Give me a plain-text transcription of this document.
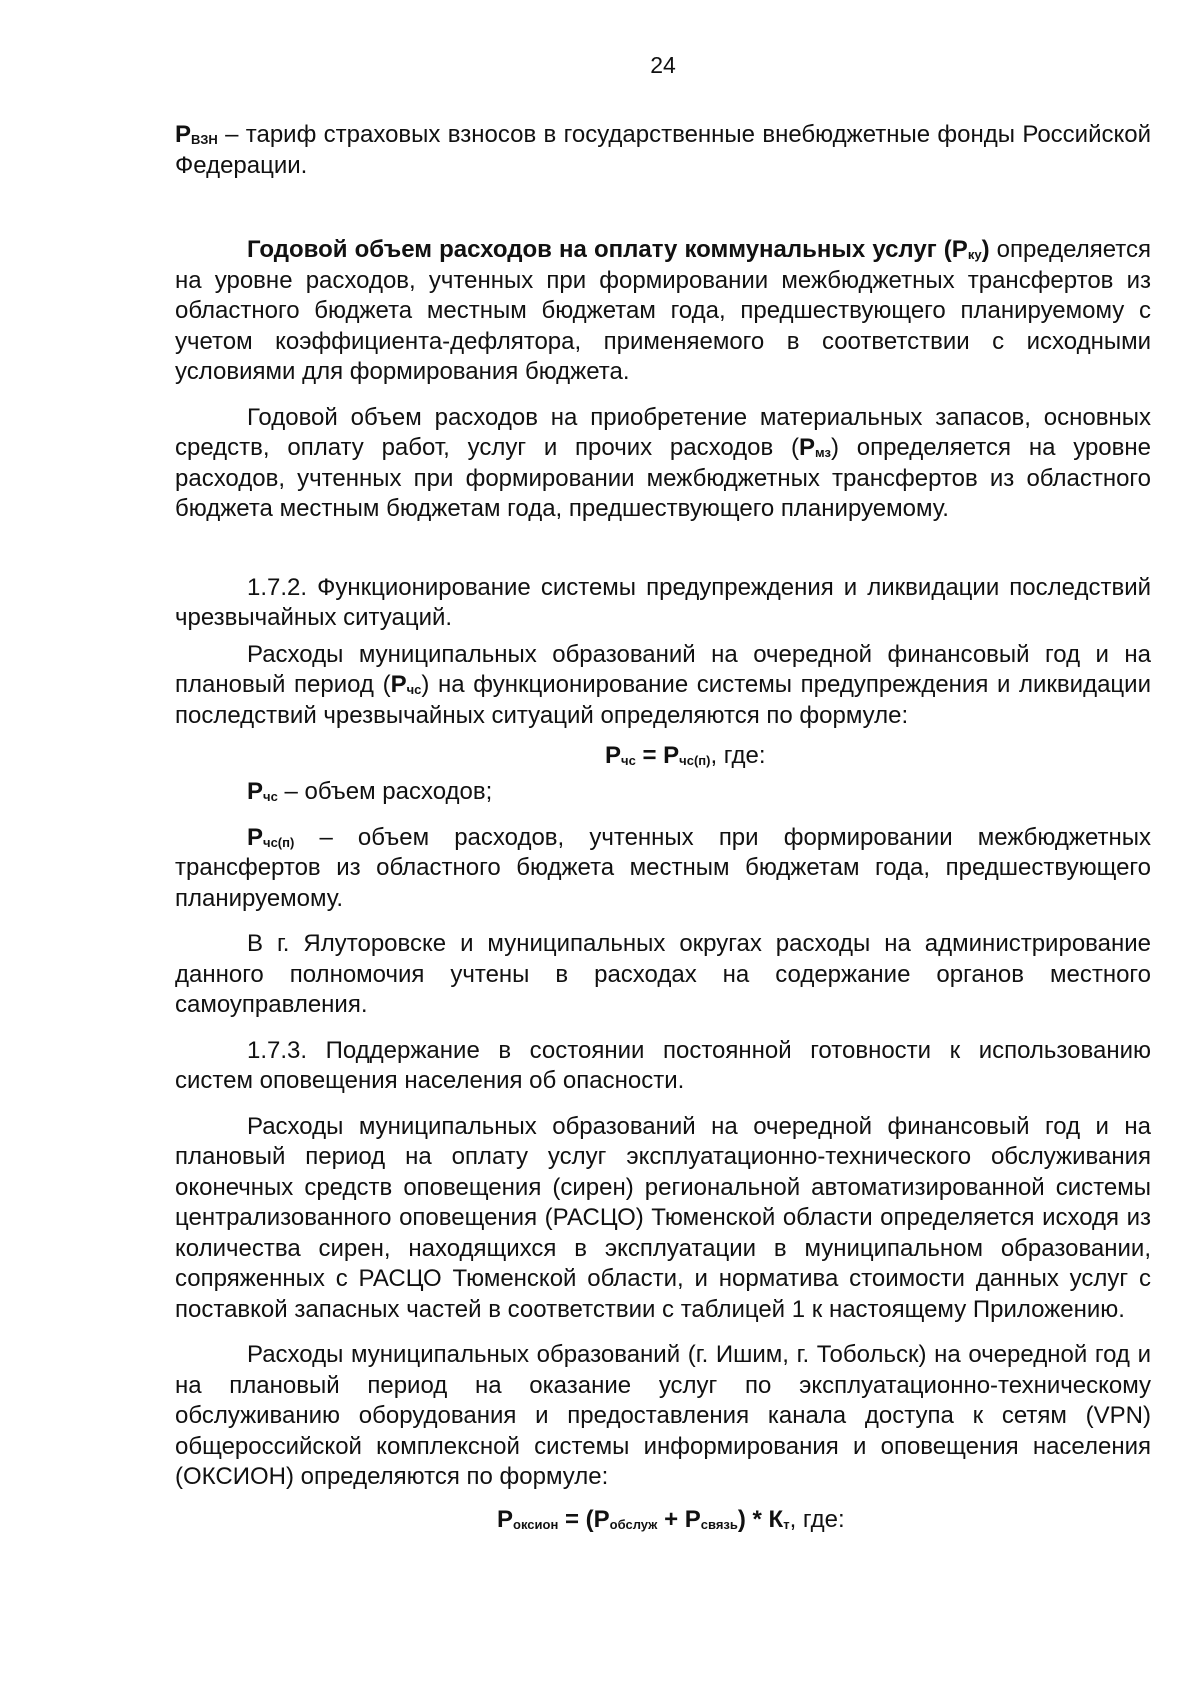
24

$Р_{ВЗН}$ – тариф страховых взносов в государственные внебюджетные фонды Российской Федерации.

Годовой объем расходов на оплату коммунальных услуг $(Р_{ку})$ определяется на уровне расходов, учтенных при формировании межбюджетных трансфертов из областного бюджета местным бюджетам года, предшествующего планируемому с учетом коэффициента-дефлятора, применяемого в соответствии с исходными условиями для формирования бюджета.

Годовой объем расходов на приобретение материальных запасов, основных средств, оплату работ, услуг и прочих расходов $(Р_{мз})$ определяется на уровне расходов, учтенных при формировании межбюджетных трансфертов из областного бюджета местным бюджетам года, предшествующего планируемому.

1.7.2. Функционирование системы предупреждения и ликвидации последствий чрезвычайных ситуаций.

Расходы муниципальных образований на очередной финансовый год и на плановый период $(Р_{чс})$ на функционирование системы предупреждения и ликвидации последствий чрезвычайных ситуаций определяются по формуле:

$Р_{чс} = Р_{чс(п)}$, где:

$Р_{чс}$ – объем расходов;

$Р_{чс(п)}$ – объем расходов, учтенных при формировании межбюджетных трансфертов из областного бюджета местным бюджетам года, предшествующего планируемому.

В г. Ялуторовске и муниципальных округах расходы на администрирование данного полномочия учтены в расходах на содержание органов местного самоуправления.

1.7.3. Поддержание в состоянии постоянной готовности к использованию систем оповещения населения об опасности.

Расходы муниципальных образований на очередной финансовый год и на плановый период на оплату услуг эксплуатационно-технического обслуживания оконечных средств оповещения (сирен) региональной автоматизированной системы централизованного оповещения (РАСЦО) Тюменской области определяется исходя из количества сирен, находящихся в эксплуатации в муниципальном образовании, сопряженных с РАСЦО Тюменской области, и норматива стоимости данных услуг с поставкой запасных частей в соответствии с таблицей 1 к настоящему Приложению.

Расходы муниципальных образований (г. Ишим, г. Тобольск) на очередной год и на плановый период на оказание услуг по эксплуатационно-техническому обслуживанию оборудования и предоставления канала доступа к сетям (VPN) общероссийской комплексной системы информирования и оповещения населения (ОКСИОН) определяются по формуле:

$Р_{оксион} = (Р_{обслуж} + Р_{связь}) * К_т$, где:
